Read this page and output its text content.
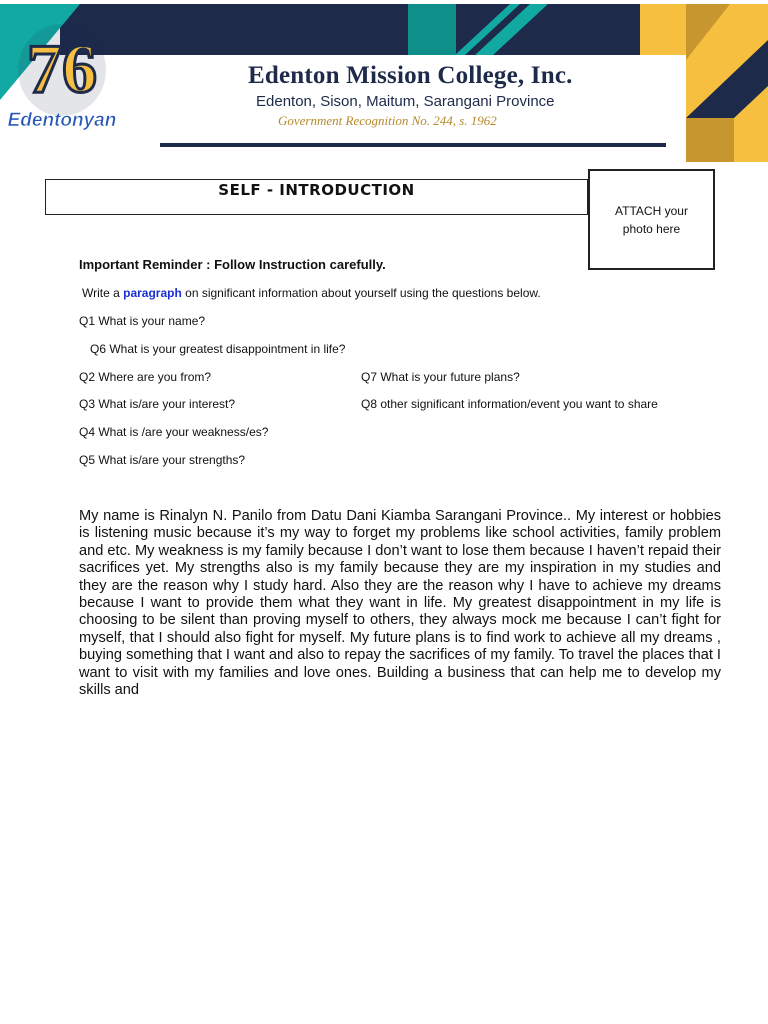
76
Edentonyan
Edenton Mission College, Inc.
Edenton, Sison, Maitum, Sarangani Province
Government Recognition No. 244, s. 1962
SELF - INTRODUCTION
ATTACH your photo here
Important Reminder : Follow Instruction carefully.
Write a paragraph on significant information about yourself using the questions below.
Q1 What is your name?
Q6 What is your greatest disappointment in life?
Q2 Where are you from?	Q7 What is your future plans?
Q3 What is/are your interest?	Q8 other significant information/event you want to share
Q4 What is /are your weakness/es?
Q5 What is/are your strengths?
My name is Rinalyn N. Panilo from Datu Dani Kiamba Sarangani Province.. My interest or hobbies is listening music because it’s my way to forget my problems like school activities, family problem and etc. My weakness is my family because I don’t want to lose them because I haven’t repaid their sacrifices yet. My strengths also is my family because they are my inspiration in my studies and they are the reason why I study hard. Also they are the reason why I have to achieve my dreams because I want to provide them what they want in life. My greatest disappointment in my life is choosing to be silent than proving myself to others, they always mock me because I can’t fight for myself, that I should also fight for myself. My future plans is to find work to achieve all my dreams , buying something that I want and also to repay the sacrifices of my family. To travel the places that I want to visit with my families and love ones. Building a business that can help me to develop my skills and
